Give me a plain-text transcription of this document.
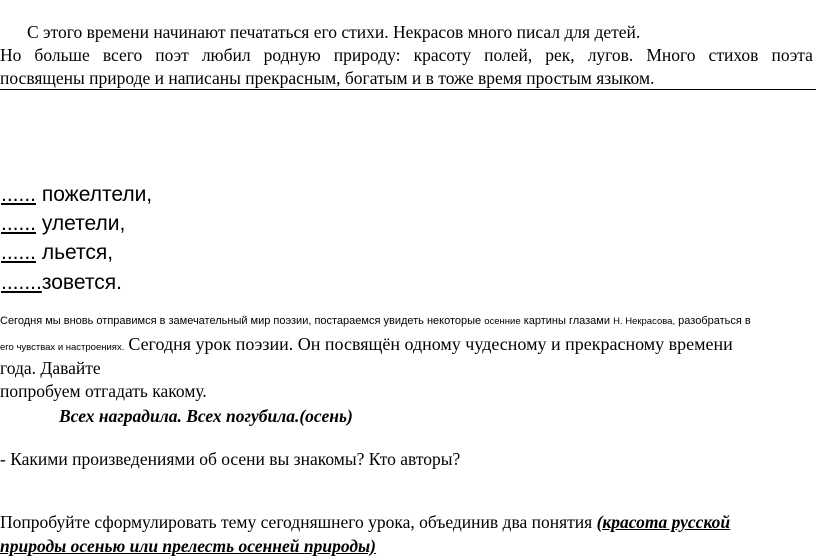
С этого времени начинают печататься его стихи. Некрасов много писал для детей.
Но больше всего поэт любил родную природу: красоту полей, рек, лугов. Много стихов поэта
посвящены природе и написаны прекрасным, богатым и в тоже время простым языком.
...... пожелтели,
...... улетели,
...... льется,
.......зовется.
Сегодня мы вновь отправимся в замечательный мир поэзии, постараемся увидеть некоторые осенние картины глазами Н. Некрасова, разобраться в
его чувствах и настроениях. Сегодня урок поэзии. Он посвящён одному чудесному и прекрасному времени
года. Давайте
попробуем отгадать какому.
Всех наградила. Всех погубила.(осень)
- Какими произведениями об осени вы знакомы? Кто авторы?
Попробуйте сформулировать тему сегодняшнего урока, объединив два понятия (красота русской
природы осенью или прелесть осенней природы)
